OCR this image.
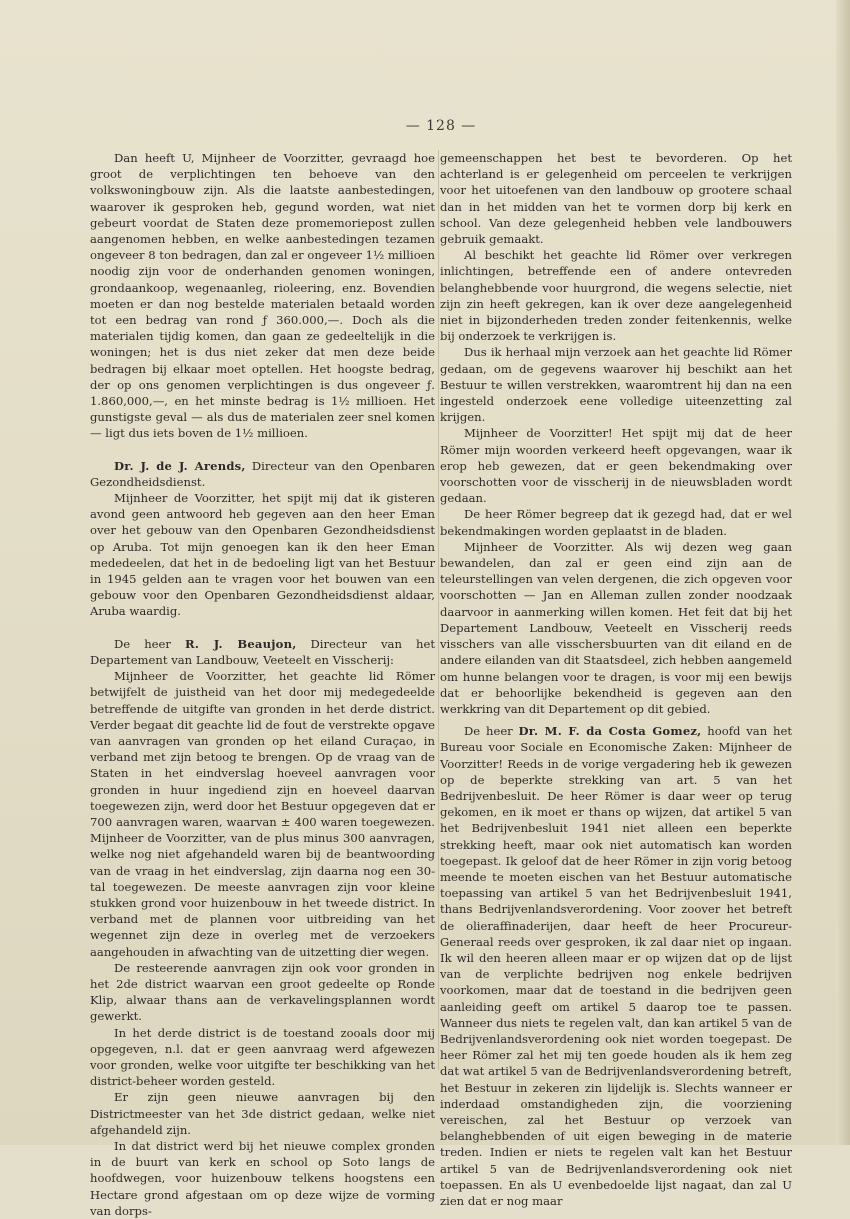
— 128 —

Dan heeft U, Mijnheer de Voorzitter, gevraagd hoe groot de verplichtingen ten behoeve van den volkswoningbouw zijn. Als die laatste aanbestedingen, waarover ik gesproken heb, gegund worden, wat niet gebeurt voordat de Staten deze promemoriepost zullen aangenomen hebben, en welke aanbestedingen tezamen ongeveer 8 ton bedragen, dan zal er ongeveer 1½ millioen noodig zijn voor de onderhanden genomen woningen, grondaankoop, wegenaanleg, rioleering, enz. Bovendien moeten er dan nog bestelde materialen betaald worden tot een bedrag van rond ƒ 360.000,—. Doch als die materialen tijdig komen, dan gaan ze gedeeltelijk in die woningen; het is dus niet zeker dat men deze beide bedragen bij elkaar moet optellen. Het hoogste bedrag, der op ons genomen verplichtingen is dus ongeveer ƒ. 1.860,000,—, en het minste bedrag is 1½ millioen. Het gunstigste geval — als dus de materialen zeer snel komen — ligt dus iets boven de 1½ millioen.

Dr. J. de J. Arends, Directeur van den Openbaren Gezondheidsdienst.

Mijnheer de Voorzitter, het spijt mij dat ik gisteren avond geen antwoord heb gegeven aan den heer Eman over het gebouw van den Openbaren Gezondheidsdienst op Aruba. Tot mijn genoegen kan ik den heer Eman mededeelen, dat het in de bedoeling ligt van het Bestuur in 1945 gelden aan te vragen voor het bouwen van een gebouw voor den Openbaren Gezondheidsdienst aldaar, Aruba waardig.

De heer R. J. Beaujon, Directeur van het Departement van Landbouw, Veeteelt en Visscherij:

Mijnheer de Voorzitter, het geachte lid Römer betwijfelt de juistheid van het door mij medegedeelde betreffende de uitgifte van gronden in het derde district. Verder begaat dit geachte lid de fout de verstrekte opgave van aanvragen van gronden op het eiland Curaçao, in verband met zijn betoog te brengen. Op de vraag van de Staten in het eindverslag hoeveel aanvragen voor gronden in huur ingediend zijn en hoeveel daarvan toegewezen zijn, werd door het Bestuur opgegeven dat er 700 aanvragen waren, waarvan ± 400 waren toegewezen. Mijnheer de Voorzitter, van de plus minus 300 aanvragen, welke nog niet afgehandeld waren bij de beantwoording van de vraag in het eindverslag, zijn daarna nog een 30-tal toegewezen. De meeste aanvragen zijn voor kleine stukken grond voor huizenbouw in het tweede district. In verband met de plannen voor uitbreiding van het wegennet zijn deze in overleg met de verzoekers aangehouden in afwachting van de uitzetting dier wegen.

De resteerende aanvragen zijn ook voor gronden in het 2de district waarvan een groot gedeelte op Ronde Klip, alwaar thans aan de verkavelingsplannen wordt gewerkt.

In het derde district is de toestand zooals door mij opgegeven, n.l. dat er geen aanvraag werd afgewezen voor gronden, welke voor uitgifte ter beschikking van het district-beheer worden gesteld.

Er zijn geen nieuwe aanvragen bij den Districtmeester van het 3de district gedaan, welke niet afgehandeld zijn.

In dat district werd bij het nieuwe complex gronden in de buurt van kerk en school op Soto langs de hoofdwegen, voor huizenbouw telkens hoogstens een Hectare grond afgestaan om op deze wijze de vorming van dorps-

gemeenschappen het best te bevorderen. Op het achterland is er gelegenheid om perceelen te verkrijgen voor het uitoefenen van den landbouw op grootere schaal dan in het midden van het te vormen dorp bij kerk en school. Van deze gelegenheid hebben vele landbouwers gebruik gemaakt.

Al beschikt het geachte lid Römer over verkregen inlichtingen, betreffende een of andere ontevreden belanghebbende voor huurgrond, die wegens selectie, niet zijn zin heeft gekregen, kan ik over deze aangelegenheid niet in bijzonderheden treden zonder feitenkennis, welke bij onderzoek te verkrijgen is.

Dus ik herhaal mijn verzoek aan het geachte lid Römer gedaan, om de gegevens waarover hij beschikt aan het Bestuur te willen verstrekken, waaromtrent hij dan na een ingesteld onderzoek eene volledige uiteenzetting zal krijgen.

Mijnheer de Voorzitter! Het spijt mij dat de heer Römer mijn woorden verkeerd heeft opgevangen, waar ik erop heb gewezen, dat er geen bekendmaking over voorschotten voor de visscherij in de nieuwsbladen wordt gedaan.

De heer Römer begreep dat ik gezegd had, dat er wel bekendmakingen worden geplaatst in de bladen.

Mijnheer de Voorzitter. Als wij dezen weg gaan bewandelen, dan zal er geen eind zijn aan de teleurstellingen van velen dergenen, die zich opgeven voor voorschotten — Jan en Alleman zullen zonder noodzaak daarvoor in aanmerking willen komen. Het feit dat bij het Departement Landbouw, Veeteelt en Visscherij reeds visschers van alle visschersbuurten van dit eiland en de andere eilanden van dit Staatsdeel, zich hebben aangemeld om hunne belangen voor te dragen, is voor mij een bewijs dat er behoorlijke bekendheid is gegeven aan den werkkring van dit Departement op dit gebied.

De heer Dr. M. F. da Costa Gomez, hoofd van het Bureau voor Sociale en Economische Zaken: Mijnheer de Voorzitter! Reeds in de vorige vergadering heb ik gewezen op de beperkte strekking van art. 5 van het Bedrijvenbesluit. De heer Römer is daar weer op terug gekomen, en ik moet er thans op wijzen, dat artikel 5 van het Bedrijvenbesluit 1941 niet alleen een beperkte strekking heeft, maar ook niet automatisch kan worden toegepast. Ik geloof dat de heer Römer in zijn vorig betoog meende te moeten eischen van het Bestuur automatische toepassing van artikel 5 van het Bedrijvenbesluit 1941, thans Bedrijvenlandsverordening. Voor zoover het betreft de olieraffinaderijen, daar heeft de heer Procureur-Generaal reeds over gesproken, ik zal daar niet op ingaan. Ik wil den heeren alleen maar er op wijzen dat op de lijst van de verplichte bedrijven nog enkele bedrijven voorkomen, maar dat de toestand in die bedrijven geen aanleiding geeft om artikel 5 daarop toe te passen. Wanneer dus niets te regelen valt, dan kan artikel 5 van de Bedrijvenlandsverordening ook niet worden toegepast. De heer Römer zal het mij ten goede houden als ik hem zeg dat wat artikel 5 van de Bedrijvenlandsverordening betreft, het Bestuur in zekeren zin lijdelijk is. Slechts wanneer er inderdaad omstandigheden zijn, die voorziening vereischen, zal het Bestuur op verzoek van belanghebbenden of uit eigen beweging in de materie treden. Indien er niets te regelen valt kan het Bestuur artikel 5 van de Bedrijvenlandsverordening ook niet toepassen. En als U evenbedoelde lijst nagaat, dan zal U zien dat er nog maar
